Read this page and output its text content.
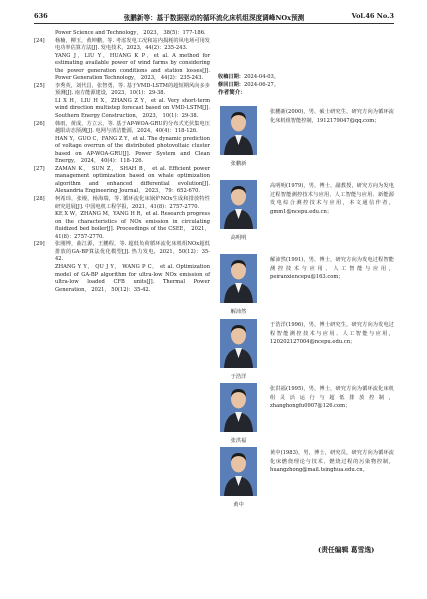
636	张鹏新等：基于数据驱动的循环流化床机组深度调峰NOx预测	Vol.46 No.3
Power Science and Technology， 2023， 38(5)：177-186.
[24] 杨楠，柳玉，黄坤鹏，等. 考虑发电工况和站内损耗的风电场可用发电功率估算方法[J]. 发电技术，2023，44(2)：235-243.
YANG J，LIU Y，HUANG K P，et al. A method for estimating available power of wind farms by considering the power generation conditions and station losses[J]. Power Generation Technology， 2023， 44(2)：235-243.
[25] 李秀英，刘代昌，张智勇，等. 基于VMD-LSTM的超短期风向多步预测[J]. 南方能源建设，2023，10(1)：29-38.
LI X H，LIU H X，ZHANG Z Y，et al. Very short-term wind direction multistep forecast based on VMD-LSTM[J]. Southern Energy Construction， 2023， 10(1)：29-38.
[26] 韩雨，黄成，方立云，等. 基于AP-WOA-GRU的分布式光伏集电压越限动态预测[J]. 电网与清洁能源，2024，40(4)：118-126.
HAN Y，GUO C，FANG Z Y，et al. The dynamic prediction of voltage overrun of the distributed photovoltaic cluster based on AP-WOA-GRU[J]. Power System and Clean Energy， 2024， 40(4)：118-126.
[27] ZAMAN K， SUN Z， SHAH B， et al. Efficient power management optimization based on whale optimization algorithm and enhanced differential evolution[J]. Alexandria Engineering Journal， 2023， 79：652-670.
[28] 柯希玮，张缦，杨海瑞，等. 循环流化床锅炉NOx生成和排放特性研究进展[J]. 中国电机工程学报，2021，41(8)：2757-2770.
KE X W，ZHANG M，YANG H R，et al. Research progress on the characteristics of NOx emission in circulating fluidized bed boiler[J]. Proceedings of the CSEE， 2021， 41(8)：2757-2770.
[29] 张刚博，曲江源，王鹏程，等. 超低负荷循环流化床机组NOx超低排放的GA-BP算法优化模型[J]. 热力发电，2021，50(12)：35-42.
ZHANG Y Y， QU J Y， WANG P C， et al. Optimization model of GA-BP algorithm for ultra-low NOx emission of ultra-low loaded CFB units[J]. Thermal Power Generation， 2021， 50(12)：35-42.
收稿日期：2024-04-03。
修回日期：2024-06-27。
作者简介：
张鹏新
张鹏新(2000)，男，硕士研究生，研究方向为循环流化床机组智能控制，1912179047@qq.com；
高明明
高明明(1979)，男，博士，副教授，研究方向为发电过程智能测控技术与应用、人工智能与应用、新能源发电综合测控技术与应用，本文通信作者，gmm1@ncepu.edu.cn；
解沛然
解沛然(1991)，男，博士，研究方向为发电过程智能测控技术与应用、人工智能与应用，peiranxiencepu@163.com；
于浩洋
于浩洋(1996)，男，博士研究生，研究方向为发电过程智能测控技术与应用、人工智能与应用，120202127004@ncepu.edu.cn；
张洪福
张洪福(1995)，男，博士，研究方向为循环流化床机组灵活运行与超低排放控制，zhanghongfu0907@126.com；
黄中
黄中(1983)，男，博士，研究员，研究方向为循环流化床燃烧理论与技术、燃烧过程的污染物控制，huangzhong@mail.tsinghua.edu.cn。
(责任编辑 葛雪逸)
